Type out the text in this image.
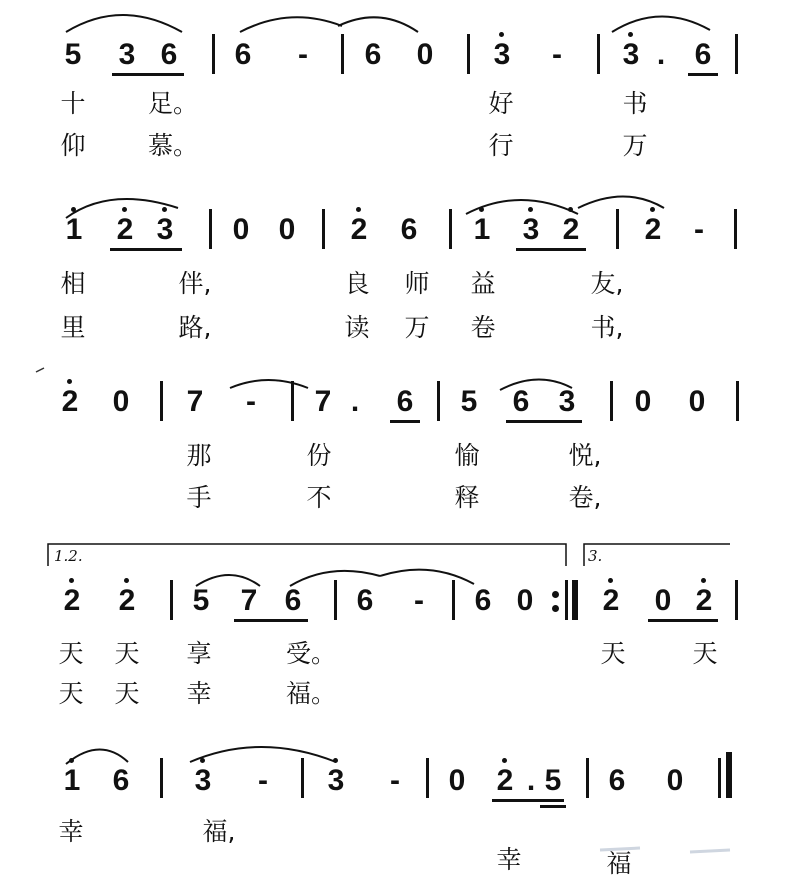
5 3 6 6 - 6 0 3 - 3 . 6
十	足。	好	书
仰	慕。	行	万
1 2 3 0 0 2 6 1 3 2 2 -
相	伴,	良 师 益	友,
里	路,	读 万 卷	书,
2 0 7 - 7 . 6 5 6 3 0 0
那	份	愉	悦,
手	不	释	卷,
1.2.	3.
2 2 5 7 6 6 - 6 0 2 0 2
天 天 享	受。	天	天
天 天 幸	福。
1 6 3 - 3 - 0 2 . 5 6 0
幸	福,
幸	福
